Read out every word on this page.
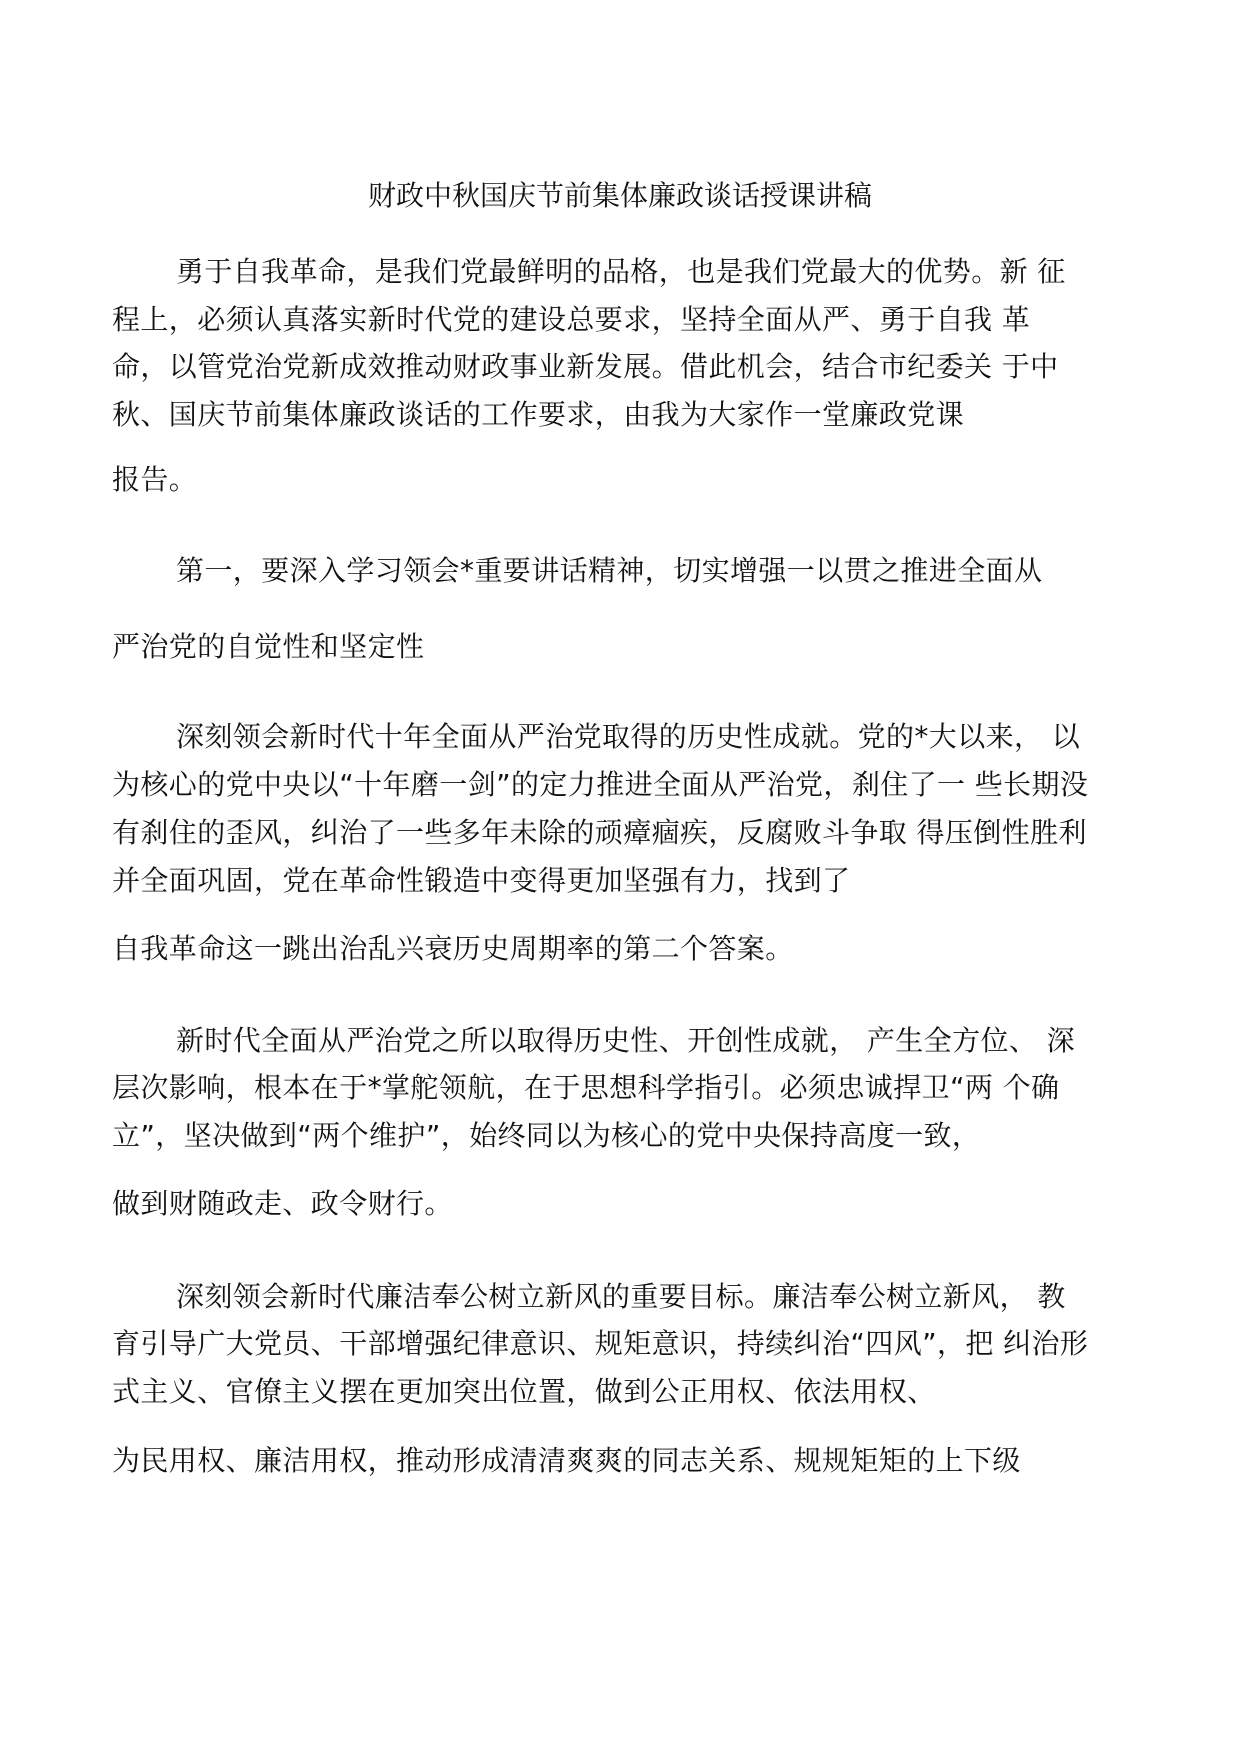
财政中秋国庆节前集体廉政谈话授课讲稿
勇于自我革命，是我们党最鲜明的品格，也是我们党最大的优势。新 征
程上，必须认真落实新时代党的建设总要求，坚持全面从严、勇于自我 革
命，以管党治党新成效推动财政事业新发展。借此机会，结合市纪委关 于中
秋、国庆节前集体廉政谈话的工作要求，由我为大家作一堂廉政党课
报告。
第一，要深入学习领会*重要讲话精神，切实增强一以贯之推进全面从
严治党的自觉性和坚定性
深刻领会新时代十年全面从严治党取得的历史性成就。党的*大以来， 以
为核心的党中央以“十年磨一剑”的定力推进全面从严治党，刹住了一 些长期没
有刹住的歪风，纠治了一些多年未除的顽瘴痼疾，反腐败斗争取 得压倒性胜利
并全面巩固，党在革命性锻造中变得更加坚强有力，找到了
自我革命这一跳出治乱兴衰历史周期率的第二个答案。
新时代全面从严治党之所以取得历史性、开创性成就， 产生全方位、 深
层次影响，根本在于*掌舵领航，在于思想科学指引。必须忠诚捍卫“两 个确
立”，坚决做到“两个维护”，始终同以为核心的党中央保持高度一致，
做到财随政走、政令财行。
深刻领会新时代廉洁奉公树立新风的重要目标。廉洁奉公树立新风， 教
育引导广大党员、干部增强纪律意识、规矩意识，持续纠治“四风”，把 纠治形
式主义、官僚主义摆在更加突出位置，做到公正用权、依法用权、
为民用权、廉洁用权，推动形成清清爽爽的同志关系、规规矩矩的上下级
